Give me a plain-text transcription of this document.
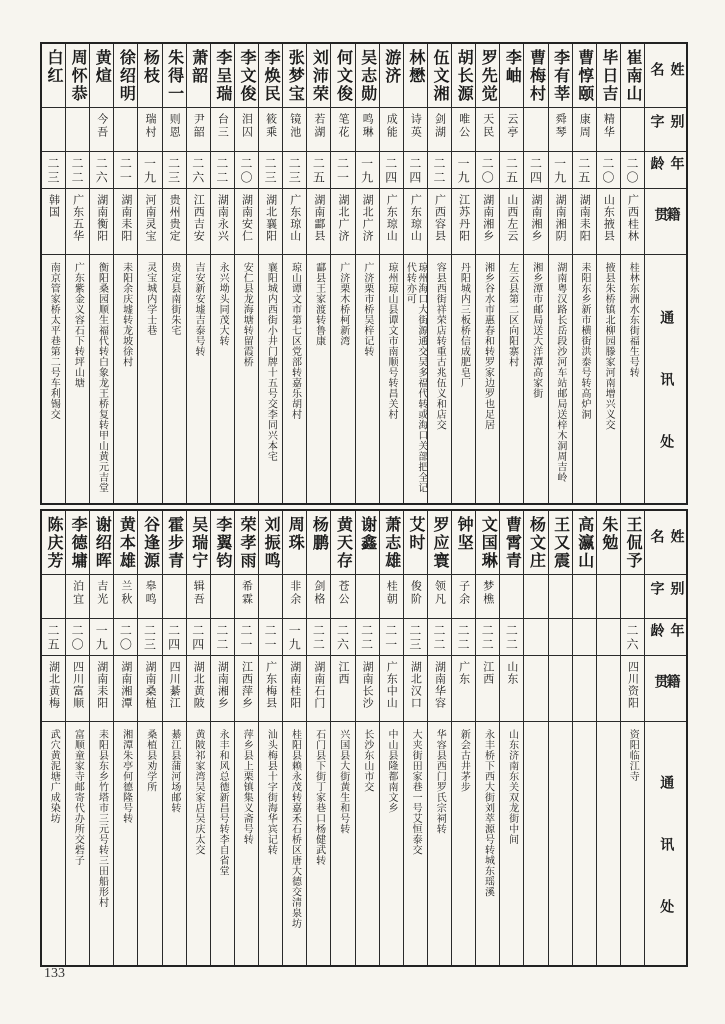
姓名
别字
年龄
籍贯
通讯处
崔南山
二〇
广西桂林
桂林东洲水东街福生号转
毕日吉
精华
二〇
山东掖县
掖县朱桥镇北柳园滕家河南增兴义交
曹惇颐
康周
二五
湖南耒阳
耒阳东乡新市横街洪泰号转高炉洞
李有莘
舜琴
一九
湖南湘阴
湖南粤汉路长岳段沙河车站邮局送梓木洞周吉岭
曹梅村
二四
湖南湘乡
湘乡潭市邮局送大洋潭高家街
李岫
云亭
二五
山西左云
左云县第二区向阳寨村
罗先觉
天民
二〇
湖南湘乡
湘乡谷水市惠春和转罗家边罗也足居
胡长源
唯公
一九
江苏丹阳
丹阳城内三板桥信成肥皂厂
伍文湘
剑湖
二二
广西容县
容县西街祥荣店转重古兆伍义和店交
林懋
诗英
二四
广东琼山
琼州海口大街源通交吴多福代转或海口关部把全记代转亦可
游济
成能
二四
广东琼山
琼州琼山县谭文市南顺号转昌关村
吴志勋
鸣琳
一九
湖北广济
广济栗市桥吴梓记转
何文俊
笔花
二一
湖北广济
广济栗木桥柯新湾
刘沛荣
若湖
二五
湖南酃县
酃县王家渡转鲁康
张梦宝
镜池
二三
广东琼山
琼山谭文市第七区党部转嘉乐胡村
李焕民
筱乘
二三
湖北襄阳
襄阳城内西街小井门牌十五号交李同兴本宅
李文俊
泪囚
二〇
湖南安仁
安仁县龙海塘转留霞桥
李呈瑞
台三
二二
湖南永兴
永兴坳头同茂大转
萧韶
尹韶
二六
江西吉安
吉安新安墟吉泰号转
朱得一
则恩
二三
贵州贵定
贵定县南街朱宅
杨枝
瑞村
一九
河南灵宝
灵宝城内学士巷
徐绍明
二一
湖南耒阳
耒阳余庆墟转龙坡徐村
黄煊
今吾
二六
湖南衡阳
衡阳桑园顺生福代转白象龙王桥复转甲山黄元吉堂
周怀恭
二二
广东五华
广东紫金义容石下转坪山塘
白红
二三
韩国
南京管家桥太平巷第二号车利锡交
姓名
别字
年龄
籍贯
通讯处
王侃予
二六
四川资阳
资阳临江寺
朱勉
高瀛山
王又震
杨文庄
曹霄青
二二
山东
山东济南东关双龙街中间
文国琳
梦樵
二二
江西
永丰桥下西大街刘萃源号转城东瑶溪
钟坚
子余
二二
广东
新会古井茅步
罗应寰
领凡
二二
湖南华容
华容县西门罗氏宗祠转
艾时
俊阶
二三
湖北汉口
大夹街田家巷一号艾恒泰交
萧志雄
桂朝
二一
广东中山
中山县隆都南文乡
谢鑫
二二
湖南长沙
长沙东山市交
黄天存
苍公
二六
江西
兴国县大街黄生和号转
杨鹏
剑格
二二
湖南石门
石门县下街丁家巷口杨健武转
周珠
非余
一九
湖南桂阳
桂阳县赖永茂转嘉禾石桥区唐大德交清泉坊
刘振鸣
二一
广东梅县
汕头梅县十字街海华宾记转
荣孝雨
希霖
二一
江西萍乡
萍乡县上栗镇集义斋号转
李翼钧
二二
湖南湘乡
永丰和风总德新昌号转李自省堂
吴瑞宁
辑吾
二四
湖北黄陂
黄陂祁家湾吴家店吴庆太交
霍步青
二四
四川綦江
綦江县蒲河场邮转
谷逢源
皋鸣
二三
湖南桑植
桑植县劝学所
黄本雄
兰秋
二〇
湖南湘潭
湘潭朱亭何德隆号转
谢绍晖
吉光
一九
湖南耒阳
耒阳县东乡竹塔市三元号转三田船形村
李德墉
泊宜
二〇
四川富顺
富顺童家寺邮寄代办所交砦子
陈庆芳
二五
湖北黄梅
武穴黄泥塘广成染坊
133
